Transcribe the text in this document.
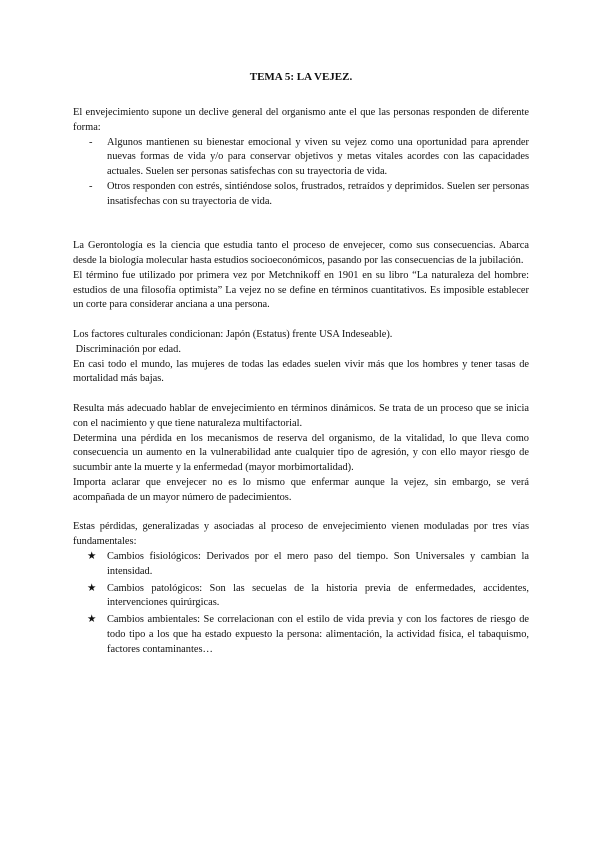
TEMA 5: LA VEJEZ.

El envejecimiento supone un declive general del organismo ante el que las personas responden de diferente forma:

- Algunos mantienen su bienestar emocional y viven su vejez como una oportunidad para aprender nuevas formas de vida y/o para conservar objetivos y metas vitales acordes con las capacidades actuales. Suelen ser personas satisfechas con su trayectoria de vida.
- Otros responden con estrés, sintiéndose solos, frustrados, retraídos y deprimidos. Suelen ser personas insatisfechas con su trayectoria de vida.

La Gerontología es la ciencia que estudia tanto el proceso de envejecer, como sus consecuencias. Abarca desde la biología molecular hasta estudios socioeconómicos, pasando por las consecuencias de la jubilación.

El término fue utilizado por primera vez por Metchnikoff en 1901 en su libro “La naturaleza del hombre: estudios de una filosofía optimista” La vejez no se define en términos cuantitativos. Es imposible establecer un corte para considerar anciana a una persona.

Los factores culturales condicionan: Japón (Estatus) frente USA Indeseable).

Discriminación por edad.

En casi todo el mundo, las mujeres de todas las edades suelen vivir más que los hombres y tener tasas de mortalidad más bajas.

Resulta más adecuado hablar de envejecimiento en términos dinámicos. Se trata de un proceso que se inicia con el nacimiento y que tiene naturaleza multifactorial.

Determina una pérdida en los mecanismos de reserva del organismo, de la vitalidad, lo que lleva como consecuencia un aumento en la vulnerabilidad ante cualquier tipo de agresión, y con ello mayor riesgo de sucumbir ante la muerte y la enfermedad (mayor morbimortalidad).

Importa aclarar que envejecer no es lo mismo que enfermar aunque la vejez, sin embargo, se verá acompañada de un mayor número de padecimientos.

Estas pérdidas, generalizadas y asociadas al proceso de envejecimiento vienen moduladas por tres vías fundamentales:

★ Cambios fisiológicos: Derivados por el mero paso del tiempo. Son Universales y cambian la intensidad.
★ Cambios patológicos: Son las secuelas de la historia previa de enfermedades, accidentes, intervenciones quirúrgicas.
★ Cambios ambientales: Se correlacionan con el estilo de vida previa y con los factores de riesgo de todo tipo a los que ha estado expuesto la persona: alimentación, la actividad física, el tabaquismo, factores contaminantes…
